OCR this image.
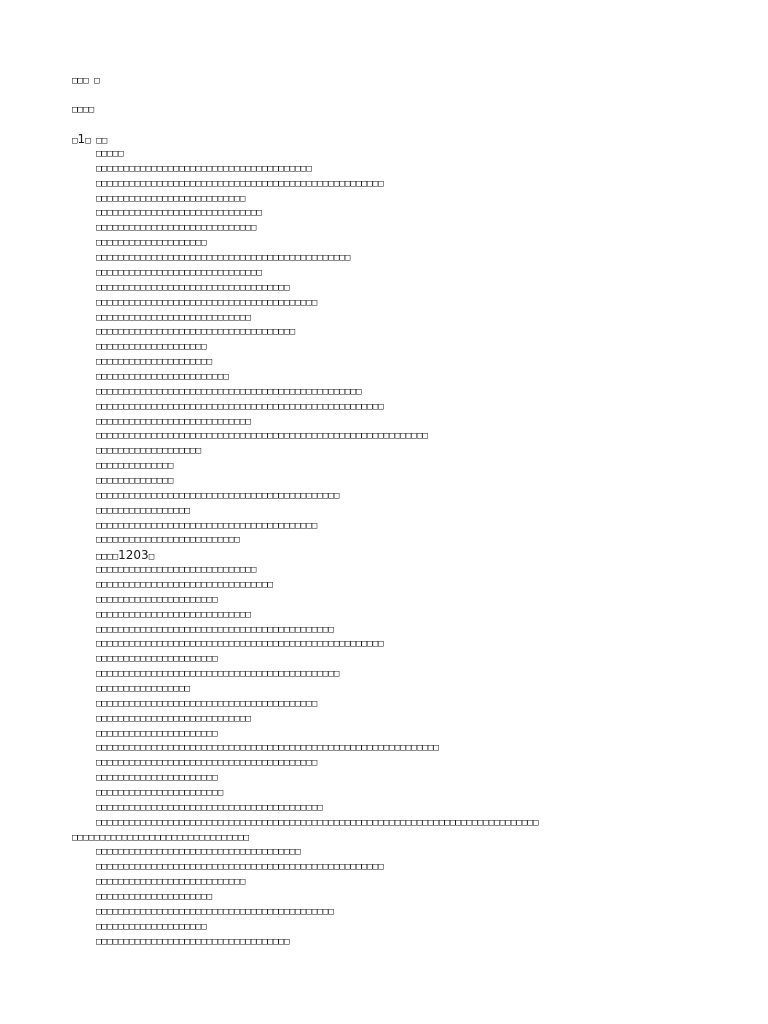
□□□ □
□□□□
□1□ □□
□□□□□
□□□□□□□□□□□□□□□□□□□□□□□□□□□□□□□□□□□□□□□
□□□□□□□□□□□□□□□□□□□□□□□□□□□□□□□□□□□□□□□□□□□□□□□□□□□□
□□□□□□□□□□□□□□□□□□□□□□□□□□□
□□□□□□□□□□□□□□□□□□□□□□□□□□□□□□
□□□□□□□□□□□□□□□□□□□□□□□□□□□□□
□□□□□□□□□□□□□□□□□□□□
□□□□□□□□□□□□□□□□□□□□□□□□□□□□□□□□□□□□□□□□□□□□□□
□□□□□□□□□□□□□□□□□□□□□□□□□□□□□□
□□□□□□□□□□□□□□□□□□□□□□□□□□□□□□□□□□□
□□□□□□□□□□□□□□□□□□□□□□□□□□□□□□□□□□□□□□□□
□□□□□□□□□□□□□□□□□□□□□□□□□□□□
□□□□□□□□□□□□□□□□□□□□□□□□□□□□□□□□□□□□
□□□□□□□□□□□□□□□□□□□□
□□□□□□□□□□□□□□□□□□□□□
□□□□□□□□□□□□□□□□□□□□□□□□
□□□□□□□□□□□□□□□□□□□□□□□□□□□□□□□□□□□□□□□□□□□□□□□□
□□□□□□□□□□□□□□□□□□□□□□□□□□□□□□□□□□□□□□□□□□□□□□□□□□□□
□□□□□□□□□□□□□□□□□□□□□□□□□□□□
□□□□□□□□□□□□□□□□□□□□□□□□□□□□□□□□□□□□□□□□□□□□□□□□□□□□□□□□□□□□
□□□□□□□□□□□□□□□□□□□
□□□□□□□□□□□□□□
□□□□□□□□□□□□□□
□□□□□□□□□□□□□□□□□□□□□□□□□□□□□□□□□□□□□□□□□□□□
□□□□□□□□□□□□□□□□□
□□□□□□□□□□□□□□□□□□□□□□□□□□□□□□□□□□□□□□□□
□□□□□□□□□□□□□□□□□□□□□□□□□□
□□□□1203□
□□□□□□□□□□□□□□□□□□□□□□□□□□□□□
□□□□□□□□□□□□□□□□□□□□□□□□□□□□□□□□
□□□□□□□□□□□□□□□□□□□□□□
□□□□□□□□□□□□□□□□□□□□□□□□□□□□
□□□□□□□□□□□□□□□□□□□□□□□□□□□□□□□□□□□□□□□□□□□
□□□□□□□□□□□□□□□□□□□□□□□□□□□□□□□□□□□□□□□□□□□□□□□□□□□□
□□□□□□□□□□□□□□□□□□□□□□
□□□□□□□□□□□□□□□□□□□□□□□□□□□□□□□□□□□□□□□□□□□□
□□□□□□□□□□□□□□□□□
□□□□□□□□□□□□□□□□□□□□□□□□□□□□□□□□□□□□□□□□
□□□□□□□□□□□□□□□□□□□□□□□□□□□□
□□□□□□□□□□□□□□□□□□□□□□
□□□□□□□□□□□□□□□□□□□□□□□□□□□□□□□□□□□□□□□□□□□□□□□□□□□□□□□□□□□□□□
□□□□□□□□□□□□□□□□□□□□□□□□□□□□□□□□□□□□□□□□
□□□□□□□□□□□□□□□□□□□□□□
□□□□□□□□□□□□□□□□□□□□□□□
□□□□□□□□□□□□□□□□□□□□□□□□□□□□□□□□□□□□□□□□□
□□□□□□□□□□□□□□□□□□□□□□□□□□□□□□□□□□□□□□□□□□□□□□□□□□□□□□□□□□□□□□□□□□□□□□□□□□□□□□□□
□□□□□□□□□□□□□□□□□□□□□□□□□□□□□□□□
□□□□□□□□□□□□□□□□□□□□□□□□□□□□□□□□□□□□□
□□□□□□□□□□□□□□□□□□□□□□□□□□□□□□□□□□□□□□□□□□□□□□□□□□□□
□□□□□□□□□□□□□□□□□□□□□□□□□□□
□□□□□□□□□□□□□□□□□□□□□
□□□□□□□□□□□□□□□□□□□□□□□□□□□□□□□□□□□□□□□□□□□
□□□□□□□□□□□□□□□□□□□□
□□□□□□□□□□□□□□□□□□□□□□□□□□□□□□□□□□□
